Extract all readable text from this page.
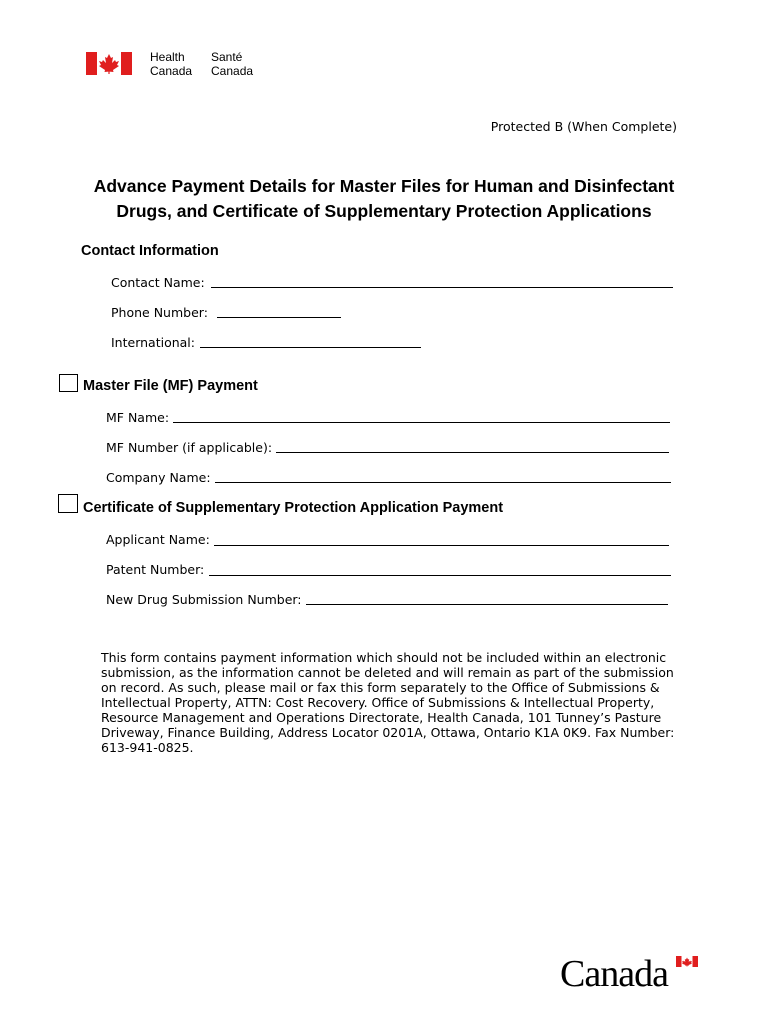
Health
Canada
Santé
Canada
Protected B (When Complete)
Advance Payment Details for Master Files for Human and Disinfectant Drugs, and Certificate of Supplementary Protection Applications
Contact Information
Contact Name:
Phone Number:
International:
Master File (MF) Payment
MF Name:
MF Number (if applicable):
Company Name:
Certificate of Supplementary Protection Application Payment
Applicant Name:
Patent Number:
New Drug Submission Number:
This form contains payment information which should not be included within an electronic submission, as the information cannot be deleted and will remain as part of the submission on record. As such, please mail or fax this form separately to the Office of Submissions & Intellectual Property, ATTN: Cost Recovery. Office of Submissions & Intellectual Property, Resource Management and Operations Directorate, Health Canada, 101 Tunney’s Pasture Driveway, Finance Building, Address Locator 0201A, Ottawa, Ontario K1A 0K9. Fax Number: 613-941-0825.
Canada
